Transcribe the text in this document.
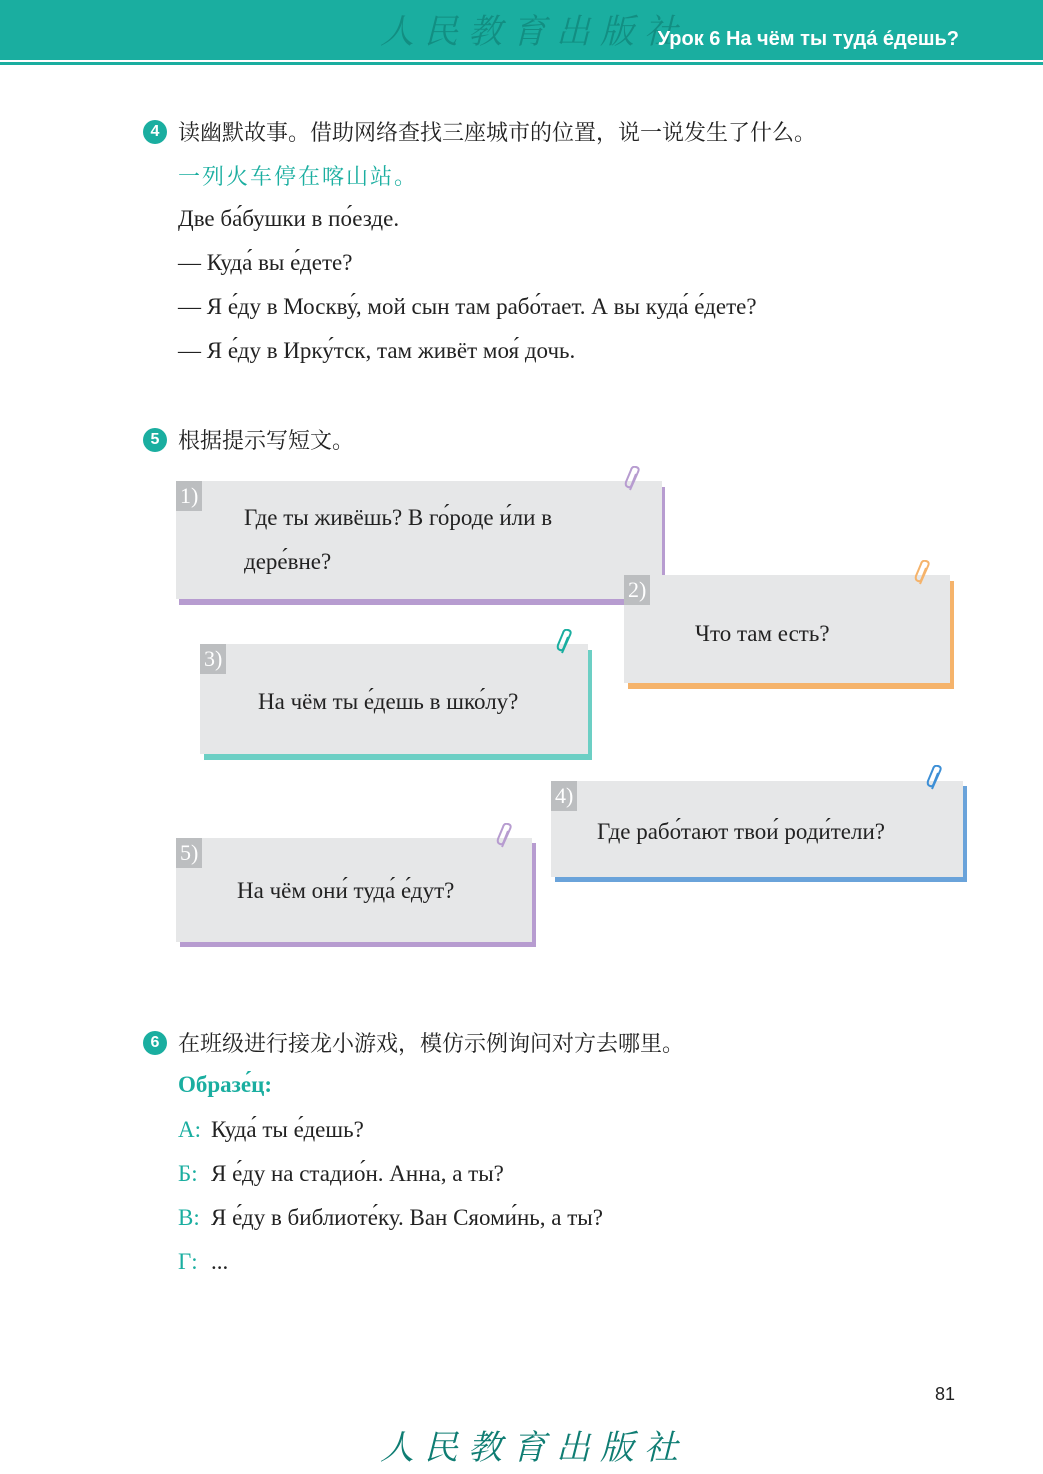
人民教育出版社
Урок 6 На чём ты туда́ е́дешь?
4 读幽默故事。借助网络查找三座城市的位置，说一说发生了什么。
一列火车停在喀山站。
Две ба́бушки в по́езде.
— Куда́ вы е́дете?
— Я е́ду в Москву́, мой сын там рабо́тает. А вы куда́ е́дете?
— Я е́ду в Ирку́тск, там живёт моя́ дочь.
5 根据提示写短文。
1)
Где ты живёшь? В го́роде и́ли в
дере́вне?
2)
Что там есть?
3)
На чём ты е́дешь в шко́лу?
4)
Где рабо́тают твои́ роди́тели?
5)
На чём они́ туда́ е́дут?
6 在班级进行接龙小游戏，模仿示例询问对方去哪里。
Образе́ц:
А: Куда́ ты е́дешь?
Б: Я е́ду на стадио́н. Анна, а ты?
В: Я е́ду в библиоте́ку. Ван Сяоми́нь, а ты?
Г: ...
81
人民教育出版社
